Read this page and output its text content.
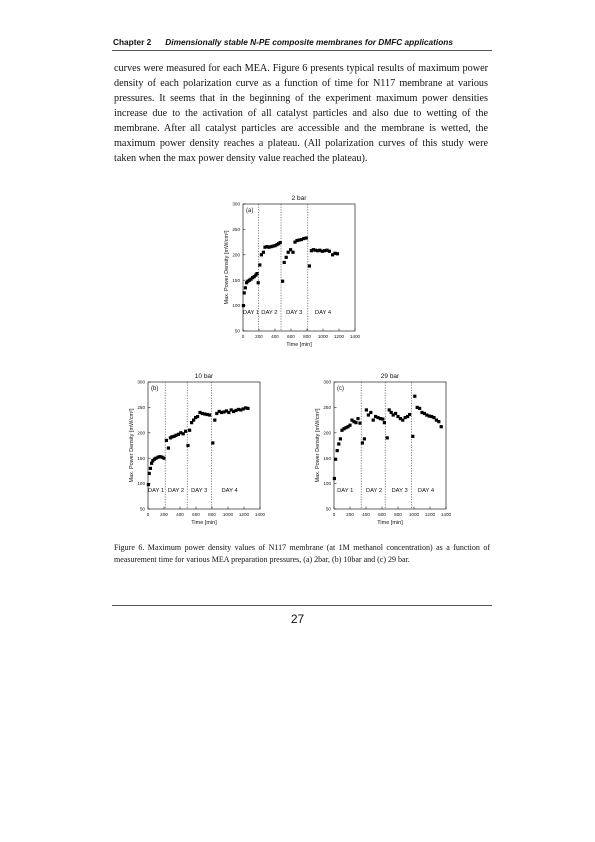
Chapter 2 Dimensionally stable N-PE composite membranes for DMFC applications

curves were measured for each MEA. Figure 6 presents typical results of maximum power density of each polarization curve as a function of time for N117 membrane at various pressures. It seems that in the beginning of the experiment maximum power densities increase due to the activation of all catalyst particles and also due to wetting of the membrane. After all catalyst particles are accessible and the membrane is wetted, the maximum power density reaches a plateau. (All polarization curves of this study were taken when the max power density value reached the plateau).

2 bar
(a)
0 200 400 600 800 1000 1200 1400
50
100
150
200
250
300
Time [min]
Max. Power Density [mW/cm²]
DAY 1 DAY 2 DAY 3 DAY 4
10 bar
(b)
0 200 400 600 800 1000 1200 1400
50
100
150
200
250
300
Time [min]
Max. Power Density [mW/cm²]
DAY 1 DAY 2 DAY 3 DAY 4
29 bar
(c)
0 200 400 600 800 1000 1200 1400
50
100
150
200
250
300
Time [min]
Max. Power Density [mW/cm²]
DAY 1 DAY 2 DAY 3 DAY 4

Figure 6. Maximum power density values of N117 membrane (at 1M methanol concentration) as a function of measurement time for various MEA preparation pressures, (a) 2bar, (b) 10bar and (c) 29 bar.

27
